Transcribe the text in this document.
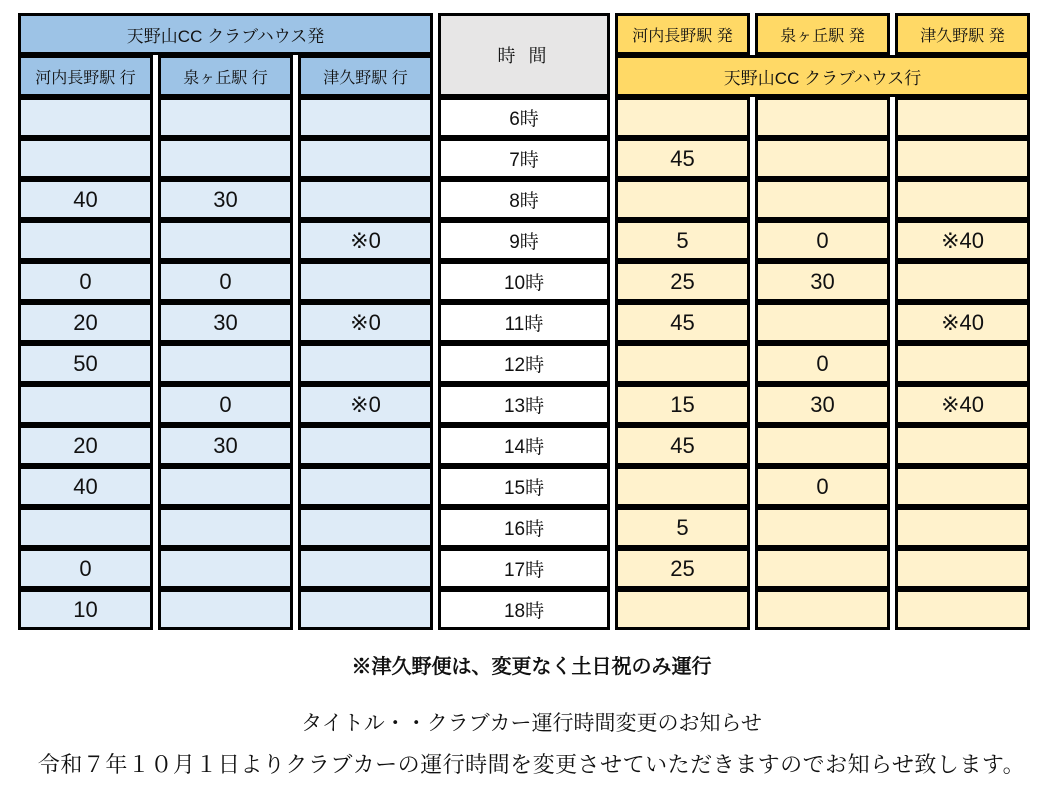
天野山CC クラブハウス発			時 間	河内長野駅 発	泉ヶ丘駅 発	津久野駅 発
河内長野駅 行	泉ヶ丘駅 行	津久野駅 行		天野山CC クラブハウス行		
			6時			
			7時	45		
40	30		8時			
		※0	9時	5	0	※40
0	0		10時	25	30	
20	30	※0	11時	45		※40
50			12時		0	
	0	※0	13時	15	30	※40
20	30		14時	45		
40			15時		0	
			16時	5		
0			17時	25		
10			18時			
※津久野便は、変更なく土日祝のみ運行
タイトル・・クラブカー運行時間変更のお知らせ
令和７年１０月１日よりクラブカーの運行時間を変更させていただきますのでお知らせ致します。
